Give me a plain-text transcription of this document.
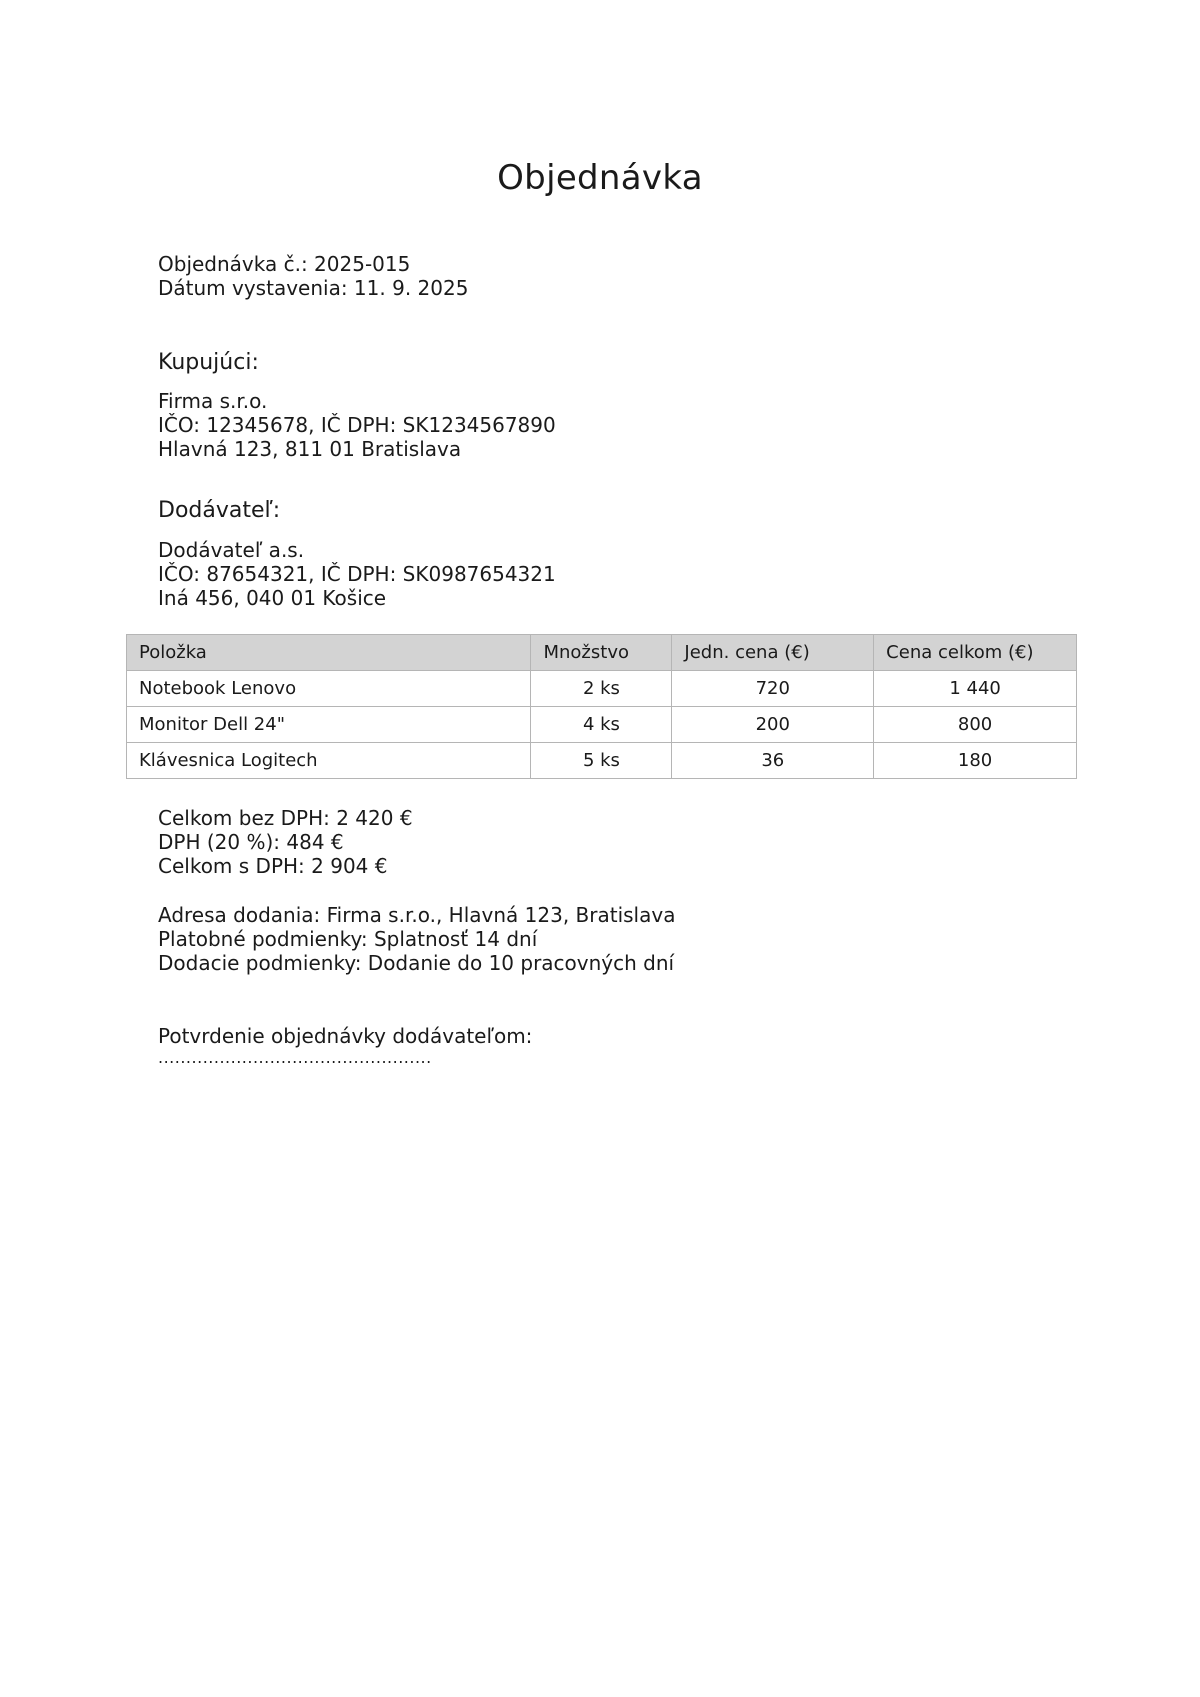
Objednávka
Objednávka č.: 2025-015
Dátum vystavenia: 11. 9. 2025
Kupujúci:
Firma s.r.o.
IČO: 12345678, IČ DPH: SK1234567890
Hlavná 123, 811 01 Bratislava
Dodávateľ:
Dodávateľ a.s.
IČO: 87654321, IČ DPH: SK0987654321
Iná 456, 040 01 Košice
Položka	Množstvo	Jedn. cena (€)	Cena celkom (€)
Notebook Lenovo	2 ks	720	1 440
Monitor Dell 24"	4 ks	200	800
Klávesnica Logitech	5 ks	36	180
Celkom bez DPH: 2 420 €
DPH (20 %): 484 €
Celkom s DPH: 2 904 €
Adresa dodania: Firma s.r.o., Hlavná 123, Bratislava
Platobné podmienky: Splatnosť 14 dní
Dodacie podmienky: Dodanie do 10 pracovných dní
Potvrdenie objednávky dodávateľom:
.................................................
